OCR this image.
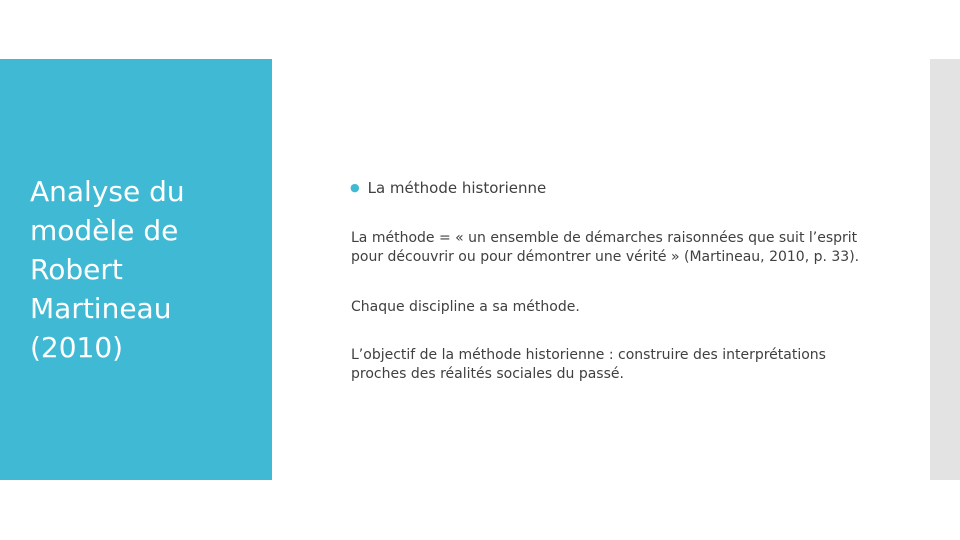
Analyse du
modèle de
Robert
Martineau
(2010)
● La méthode historienne

La méthode = « un ensemble de démarches raisonnées que suit l’esprit
pour découvrir ou pour démontrer une vérité » (Martineau, 2010, p. 33).

Chaque discipline a sa méthode.

L’objectif de la méthode historienne : construire des interprétations
proches des réalités sociales du passé.
